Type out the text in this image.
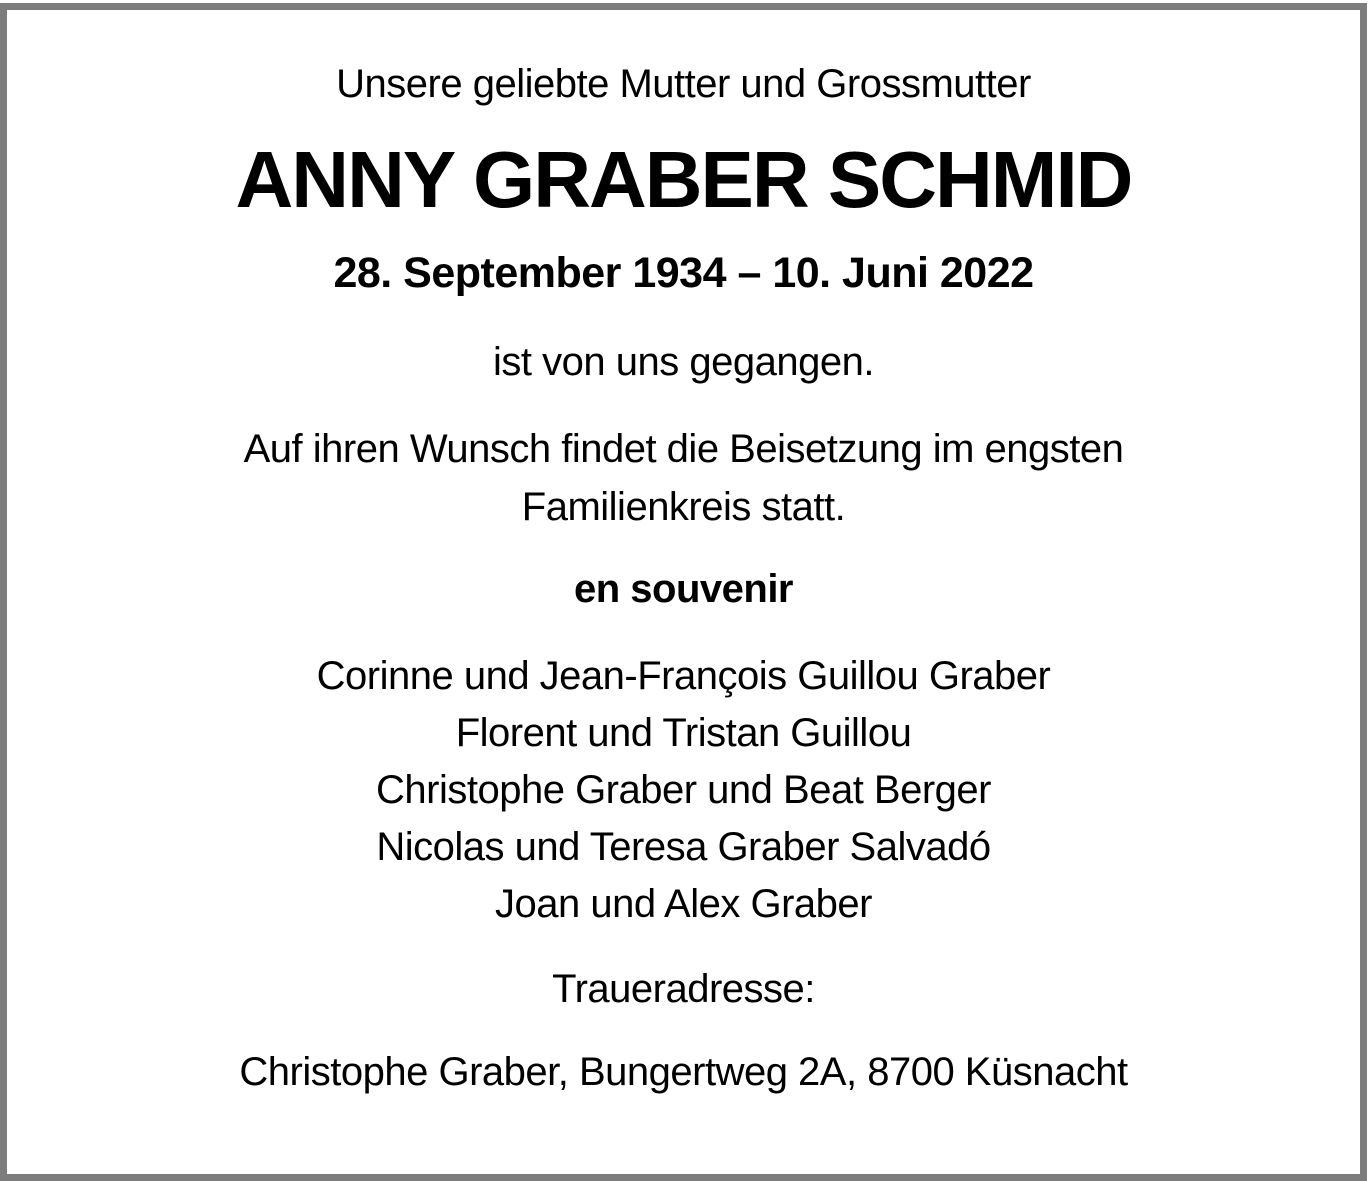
Unsere geliebte Mutter und Grossmutter

ANNY GRABER SCHMID

28. September 1934 – 10. Juni 2022

ist von uns gegangen.

Auf ihren Wunsch findet die Beisetzung im engsten Familienkreis statt.

en souvenir

Corinne und Jean-François Guillou Graber
Florent und Tristan Guillou
Christophe Graber und Beat Berger
Nicolas und Teresa Graber Salvadó
Joan und Alex Graber

Traueradresse:

Christophe Graber, Bungertweg 2A, 8700 Küsnacht
